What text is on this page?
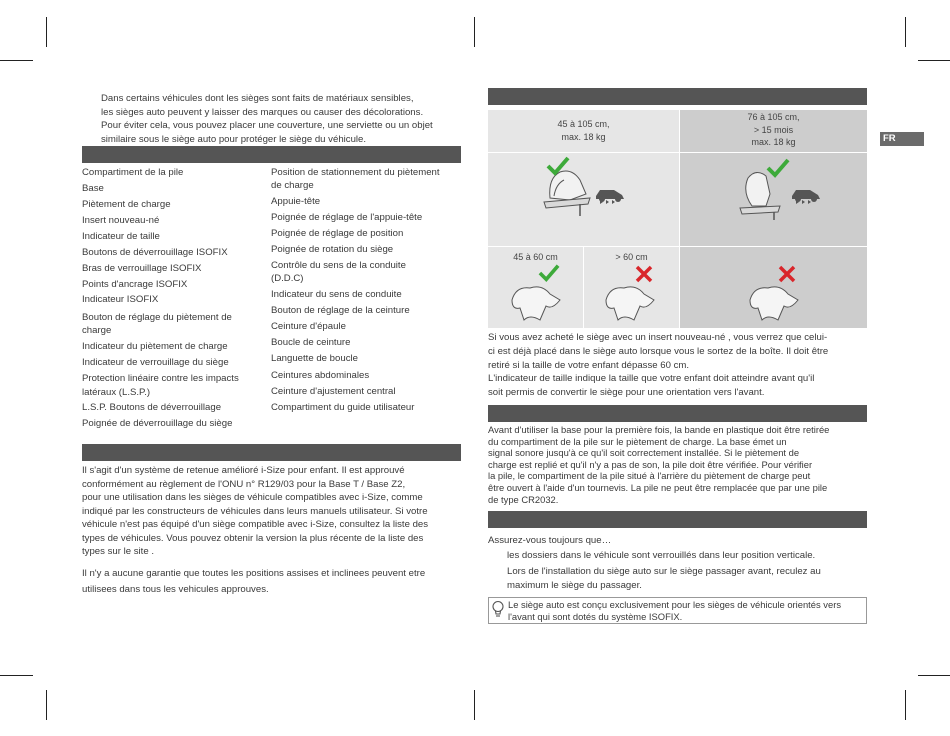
FR
Dans certains véhicules dont les sièges sont faits de matériaux sensibles,
les sièges auto peuvent y laisser des marques ou causer des décolorations.
Pour éviter cela, vous pouvez placer une couverture, une serviette ou un objet
similaire sous le siège auto pour protéger le siège du véhicule.
Compartiment de la pile
Base
Piètement de charge
Insert nouveau-né
Indicateur de taille
Boutons de déverrouillage ISOFIX
Bras de verrouillage ISOFIX
Points d'ancrage ISOFIX
Indicateur ISOFIX
Bouton de réglage du piètement de
charge
Indicateur du piètement de charge
Indicateur de verrouillage du siège
Protection linéaire contre les impacts
latéraux (L.S.P.)
L.S.P. Boutons de déverrouillage
Poignée de déverrouillage du siège
Position de stationnement du piètement
de charge
Appuie-tête
Poignée de réglage de l'appuie-tête
Poignée de réglage de position
Poignée de rotation du siège
Contrôle du sens de la conduite
(D.D.C)
Indicateur du sens de conduite
Bouton de réglage de la ceinture
Ceinture d'épaule
Boucle de ceinture
Languette de boucle
Ceintures abdominales
Ceinture d'ajustement central
Compartiment du guide utilisateur
Il s'agit d'un système de retenue amélioré i-Size pour enfant. Il est approuvé
conformément au règlement de l'ONU n° R129/03 pour la Base T / Base Z2,
pour une utilisation dans les sièges de véhicule compatibles avec i-Size, comme
indiqué par les constructeurs de véhicules dans leurs manuels utilisateur. Si votre
véhicule n'est pas équipé d'un siège compatible avec i-Size, consultez la liste des
types de véhicules. Vous pouvez obtenir la version la plus récente de la liste des
types sur le site .
Il n'y a aucune garantie que toutes les positions assises et inclinees peuvent etre
utilisees dans tous les vehicules approuves.
45 à 105 cm,
max. 18 kg
76 à 105 cm,
> 15 mois
max. 18 kg
45 à 60 cm	> 60 cm
Si vous avez acheté le siège avec un insert nouveau-né , vous verrez que celui-
ci est déjà placé dans le siège auto lorsque vous le sortez de la boîte. Il doit être
retiré si la taille de votre enfant dépasse 60 cm.
L'indicateur de taille indique la taille que votre enfant doit atteindre avant qu'il
soit permis de convertir le siège pour une orientation vers l'avant.
Avant d'utiliser la base pour la première fois, la bande en plastique doit être retirée
du compartiment de la pile sur le piètement de charge. La base émet un
signal sonore jusqu'à ce qu'il soit correctement installée. Si le piètement de
charge est replié et qu'il n'y a pas de son, la pile doit être vérifiée. Pour vérifier
la pile, le compartiment de la pile situé à l'arrière du piètement de charge peut
être ouvert à l'aide d'un tournevis. La pile ne peut être remplacée que par une pile
de type CR2032.
Assurez-vous toujours que…
les dossiers dans le véhicule sont verrouillés dans leur position verticale.
Lors de l'installation du siège auto sur le siège passager avant, reculez au
maximum le siège du passager.
Le siège auto est conçu exclusivement pour les sièges de véhicule orientés vers
l'avant qui sont dotés du système ISOFIX.
